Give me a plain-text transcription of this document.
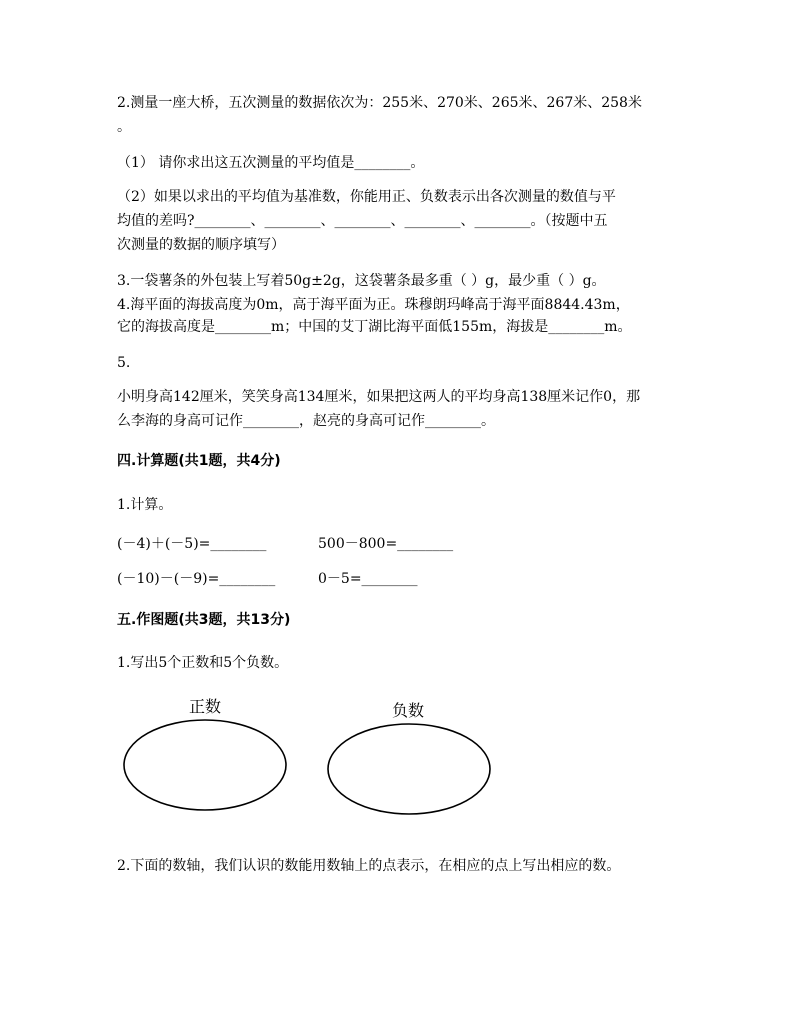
2.测量一座大桥，五次测量的数据依次为：255米、270米、265米、267米、258米
。
（1） 请你求出这五次测量的平均值是________。
（2）如果以求出的平均值为基准数，你能用正、负数表示出各次测量的数值与平
均值的差吗?________、________、________、________、________。（按题中五
次测量的数据的顺序填写）
3.一袋薯条的外包装上写着50g±2g，这袋薯条最多重（ ）g，最少重（ ）g。
4.海平面的海拔高度为0m，高于海平面为正。珠穆朗玛峰高于海平面8844.43m，
它的海拔高度是________m；中国的艾丁湖比海平面低155m，海拔是________m。
5.
小明身高142厘米，笑笑身高134厘米，如果把这两人的平均身高138厘米记作0，那
么李海的身高可记作________，赵亮的身高可记作________。
四.计算题(共1题，共4分)
1.计算。
(－4)＋(－5)=________	500－800=________
(－10)－(－9)=________	0－5=________
五.作图题(共3题，共13分)
1.写出5个正数和5个负数。
正数	负数
2.下面的数轴，我们认识的数能用数轴上的点表示，在相应的点上写出相应的数。
